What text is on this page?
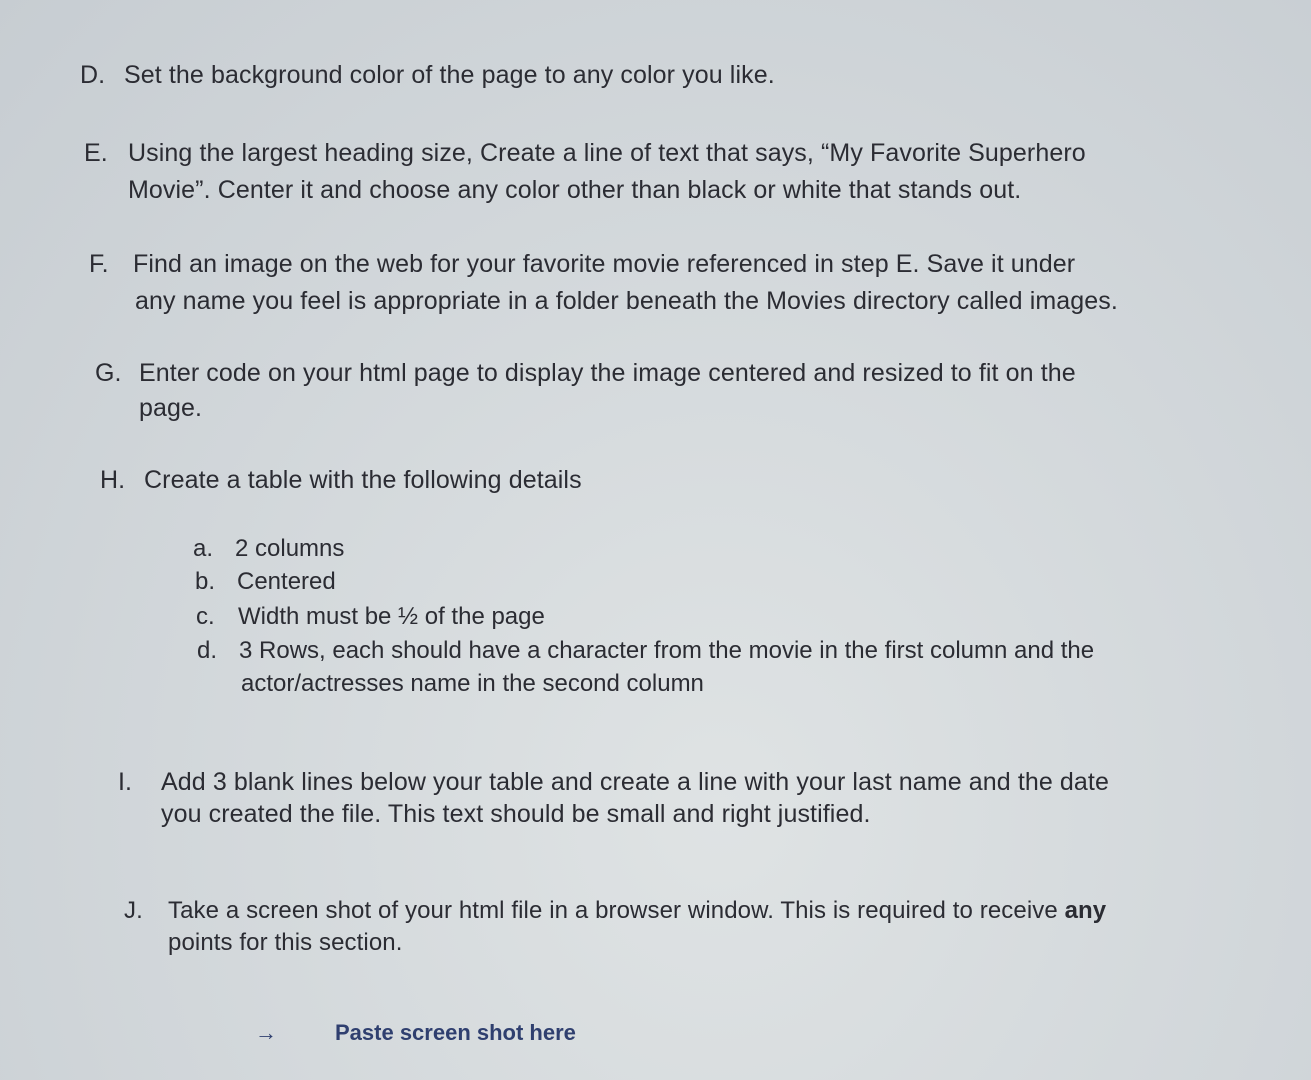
D. Set the background color of the page to any color you like.
E. Using the largest heading size, Create a line of text that says, “My Favorite Superhero
Movie”. Center it and choose any color other than black or white that stands out.
F. Find an image on the web for your favorite movie referenced in step E. Save it under
any name you feel is appropriate in a folder beneath the Movies directory called images.
G. Enter code on your html page to display the image centered and resized to fit on the
page.
H. Create a table with the following details
a. 2 columns
b. Centered
c. Width must be ½ of the page
d. 3 Rows, each should have a character from the movie in the first column and the
actor/actresses name in the second column
I. Add 3 blank lines below your table and create a line with your last name and the date
you created the file. This text should be small and right justified.
J. Take a screen shot of your html file in a browser window. This is required to receive any
points for this section.
→	Paste screen shot here
